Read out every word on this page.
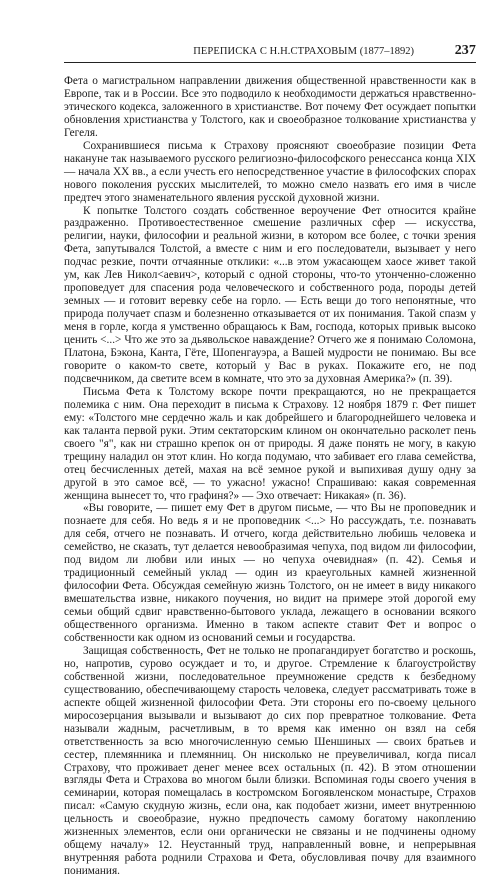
ПЕРЕПИСКА С Н.Н.СТРАХОВЫМ (1877–1892)	237

Фета о магистральном направлении движения общественной нравственности как в Европе, так и в России. Все это подводило к необходимости держаться нравственно-этического кодекса, заложенного в христианстве. Вот почему Фет осуждает попытки обновления христианства у Толстого, как и своеобразное толкование христианства у Гегеля.

Сохранившиеся письма к Страхову проясняют своеобразие позиции Фета накануне так называемого русского религиозно-философского ренессанса конца XIX — начала XX вв., а если учесть его непосредственное участие в философских спорах нового поколения русских мыслителей, то можно смело назвать его имя в числе предтеч этого знаменательного явления русской духовной жизни.

К попытке Толстого создать собственное вероучение Фет относится крайне раздраженно. Противоестественное смешение различных сфер — искусства, религии, науки, философии и реальной жизни, в котором все более, с точки зрения Фета, запутывался Толстой, а вместе с ним и его последователи, вызывает у него подчас резкие, почти отчаянные отклики: «...в этом ужасающем хаосе живет такой ум, как Лев Никол<аевич>, который с одной стороны, что-то утонченно-сложенно проповедует для спасения рода человеческого и собственного рода, породы детей земных — и готовит веревку себе на горло. — Есть вещи до того непонятные, что природа получает спазм и болезненно отказывается от их понимания. Такой спазм у меня в горле, когда я умственно обращаюсь к Вам, господа, которых привык высоко ценить <...> Что же это за дьявольское наваждение? Отчего же я понимаю Соломона, Платона, Бэкона, Канта, Гёте, Шопенгауэра, а Вашей мудрости не понимаю. Вы все говорите о каком-то свете, который у Вас в руках. Покажите его, не под подсвечником, да светите всем в комнате, что это за духовная Америка?» (п. 39).

Письма Фета к Толстому вскоре почти прекращаются, но не прекращается полемика с ним. Она переходит в письма к Страхову. 12 ноября 1879 г. Фет пишет ему: «Толстого мне сердечно жаль и как добрейшего и благороднейшего человека и как таланта первой руки. Этим сектаторским клином он окончательно расколет пень своего "я", как ни страшно крепок он от природы. Я даже понять не могу, в какую трещину наладил он этот клин. Но когда подумаю, что забивает его глава семейства, отец бесчисленных детей, махая на всё земное рукой и выпихивая душу одну за другой в это самое всё, — то ужасно! ужасно! Спрашиваю: какая современная женщина вынесет то, что графиня?» — Эхо отвечает: Никакая» (п. 36).

«Вы говорите, — пишет ему Фет в другом письме, — что Вы не проповедник и познаете для себя. Но ведь я и не проповедник <...> Но рассуждать, т.е. познавать для себя, отчего не познавать. И отчего, когда действительно любишь человека и семейство, не сказать, тут делается невообразимая чепуха, под видом ли философии, под видом ли любви или иных — но чепуха очевидная» (п. 42). Семья и традиционный семейный уклад — один из краеугольных камней жизненной философии Фета. Обсуждая семейную жизнь Толстого, он не имеет в виду никакого вмешательства извне, никакого поучения, но видит на примере этой дорогой ему семьи общий сдвиг нравственно-бытового уклада, лежащего в основании всякого общественного организма. Именно в таком аспекте ставит Фет и вопрос о собственности как одном из оснований семьи и государства.

Защищая собственность, Фет не только не пропагандирует богатство и роскошь, но, напротив, сурово осуждает и то, и другое. Стремление к благоустройству собственной жизни, последовательное преумножение средств к безбедному существованию, обеспечивающему старость человека, следует рассматривать тоже в аспекте общей жизненной философии Фета. Эти стороны его по-своему цельного миросозерцания вызывали и вызывают до сих пор превратное толкование. Фета называли жадным, расчетливым, в то время как именно он взял на себя ответственность за всю многочисленную семью Шеншиных — своих братьев и сестер, племянника и племянниц. Он нисколько не преувеличивал, когда писал Страхову, что проживает денег менее всех остальных (п. 42). В этом отношении взгляды Фета и Страхова во многом были близки. Вспоминая годы своего учения в семинарии, которая помещалась в костромском Богоявленском монастыре, Страхов писал: «Самую скудную жизнь, если она, как подобает жизни, имеет внутреннюю цельность и своеобразие, нужно предпочесть самому богатому накоплению жизненных элементов, если они органически не связаны и не подчинены одному общему началу» 12. Неустанный труд, направленный вовне, и непрерывная внутренняя работа роднили Страхова и Фета, обусловливая почву для взаимного понимания.
